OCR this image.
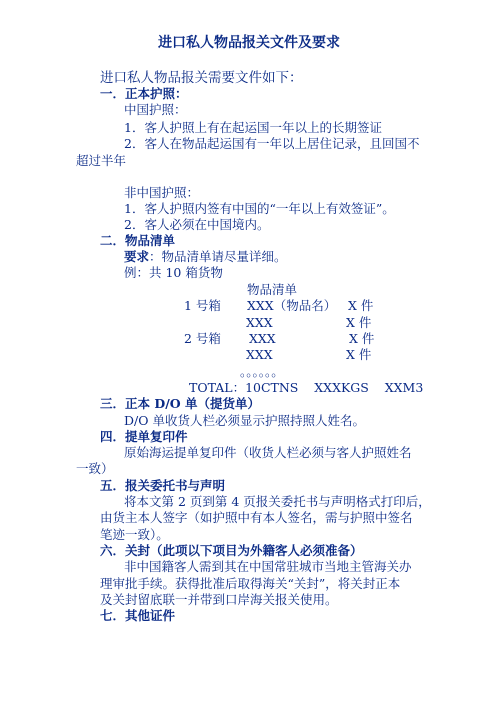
进口私人物品报关文件及要求
进口私人物品报关需要文件如下：
一．正本护照：
中国护照：
1．客人护照上有在起运国一年以上的长期签证
2．客人在物品起运国有一年以上居住记录，且回国不
超过半年
非中国护照：
1．客人护照内签有中国的“一年以上有效签证”。
2．客人必须在中国境内。
二．物品清单
要求：物品清单请尽量详细。
例：共 10 箱货物
物品清单
1 号箱 XXX（物品名） X 件
XXX	X 件
2 号箱 XXX	X 件
XXX	X 件
。。。。。。
TOTAL：10CTNS    XXXKGS    XXM3
三．正本 D/O 单（提货单）
D/O 单收货人栏必须显示护照持照人姓名。
四．提单复印件
原始海运提单复印件（收货人栏必须与客人护照姓名
一致）
五．报关委托书与声明
将本文第 2 页到第 4 页报关委托书与声明格式打印后，
由货主本人签字（如护照中有本人签名，需与护照中签名
笔迹一致）。
六．关封（此项以下项目为外籍客人必须准备）
非中国籍客人需到其在中国常驻城市当地主管海关办
理审批手续。获得批准后取得海关“关封”，将关封正本
及关封留底联一并带到口岸海关报关使用。
七．其他证件
